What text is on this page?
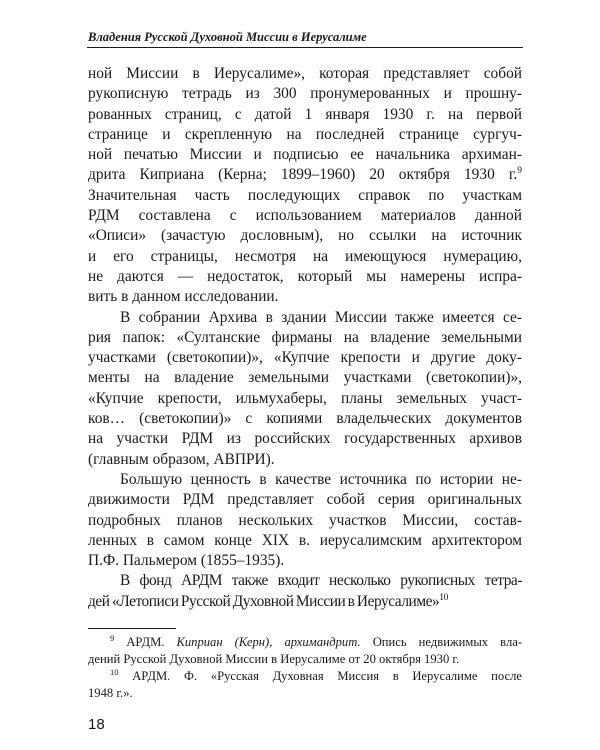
Владения Русской Духовной Миссии в Иерусалиме
ной Миссии в Иерусалиме», которая представляет собой
рукописную тетрадь из 300 пронумерованных и прошну-
рованных страниц, с датой 1 января 1930 г. на первой
странице и скрепленную на последней странице сургуч-
ной печатью Миссии и подписью ее начальника архиман-
дрита Киприана (Керна; 1899–1960) 20 октября 1930 г.$^9$
Значительная часть последующих справок по участкам
РДМ составлена с использованием материалов данной
«Описи» (зачастую дословным), но ссылки на источник
и его страницы, несмотря на имеющуюся нумерацию,
не даются — недостаток, который мы намерены испра-
вить в данном исследовании.
В собрании Архива в здании Миссии также имеется се-
рия папок: «Султанские фирманы на владение земельными
участками (светокопии)», «Купчие крепости и другие доку-
менты на владение земельными участками (светокопии)»,
«Купчие крепости, ильмухаберы, планы земельных участ-
ков… (светокопии)» с копиями владельческих документов
на участки РДМ из российских государственных архивов
(главным образом, АВПРИ).
Большую ценность в качестве источника по истории не-
движимости РДМ представляет собой серия оригинальных
подробных планов нескольких участков Миссии, состав-
ленных в самом конце XIX в. иерусалимским архитектором
П.Ф. Пальмером (1855–1935).
В фонд АРДМ также входит несколько рукописных тетра-
дей «Летописи Русской Духовной Миссии в Иерусалиме»$^{10}$
$^9$ АРДМ. Киприан (Керн), архимандрит. Опись недвижимых вла-
дений Русской Духовной Миссии в Иерусалиме от 20 октября 1930 г.
$^{10}$ АРДМ. Ф. «Русская Духовная Миссия в Иерусалиме после
1948 г.».
18
